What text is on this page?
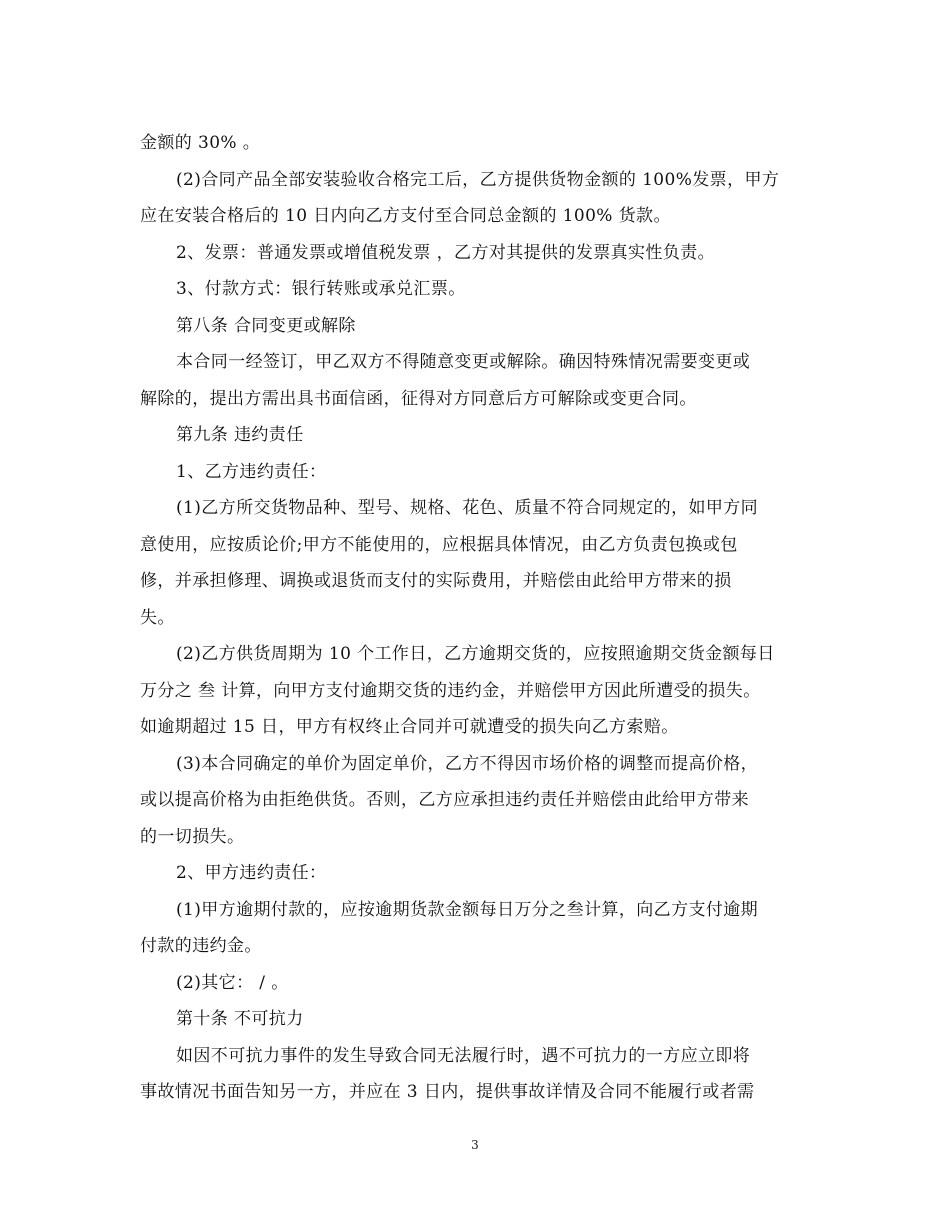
金额的 30% 。
(2)合同产品全部安装验收合格完工后，乙方提供货物金额的 100%发票，甲方
应在安装合格后的 10 日内向乙方支付至合同总金额的 100% 货款。
2、发票：普通发票或增值税发票 ，乙方对其提供的发票真实性负责。
3、付款方式：银行转账或承兑汇票。
第八条 合同变更或解除
本合同一经签订，甲乙双方不得随意变更或解除。确因特殊情况需要变更或
解除的，提出方需出具书面信函，征得对方同意后方可解除或变更合同。
第九条 违约责任
1、乙方违约责任：
(1)乙方所交货物品种、型号、规格、花色、质量不符合同规定的，如甲方同
意使用，应按质论价;甲方不能使用的，应根据具体情况，由乙方负责包换或包
修，并承担修理、调换或退货而支付的实际费用，并赔偿由此给甲方带来的损
失。
(2)乙方供货周期为 10 个工作日，乙方逾期交货的，应按照逾期交货金额每日
万分之 叁 计算，向甲方支付逾期交货的违约金，并赔偿甲方因此所遭受的损失。
如逾期超过 15 日，甲方有权终止合同并可就遭受的损失向乙方索赔。
(3)本合同确定的单价为固定单价，乙方不得因市场价格的调整而提高价格，
或以提高价格为由拒绝供货。否则，乙方应承担违约责任并赔偿由此给甲方带来
的一切损失。
2、甲方违约责任：
(1)甲方逾期付款的，应按逾期货款金额每日万分之叁计算，向乙方支付逾期
付款的违约金。
(2)其它： / 。
第十条 不可抗力
如因不可抗力事件的发生导致合同无法履行时，遇不可抗力的一方应立即将
事故情况书面告知另一方，并应在 3 日内，提供事故详情及合同不能履行或者需
3
